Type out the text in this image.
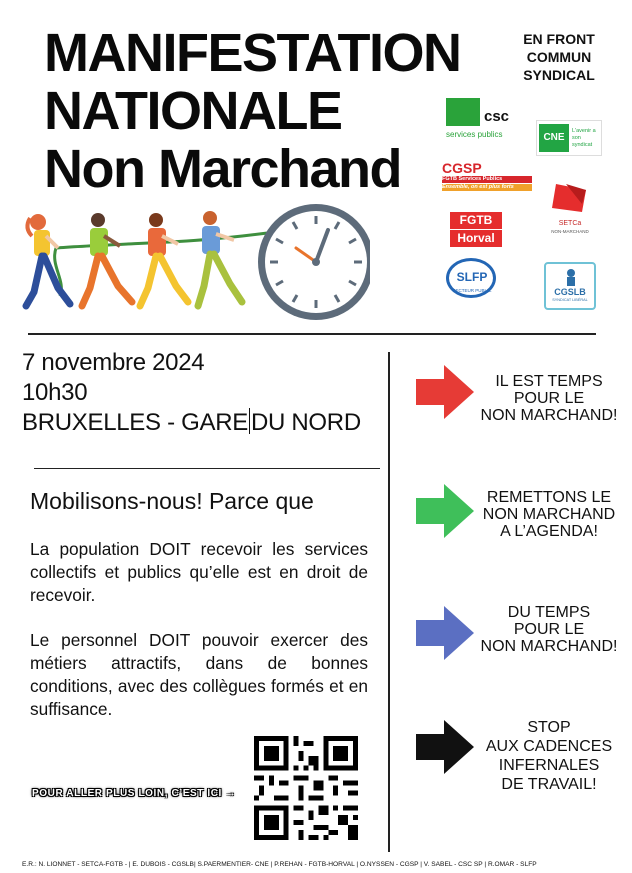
MANIFESTATION
NATIONALE
Non Marchand
EN FRONT
COMMUN
SYNDICAL
csc
services publics	CNE
L'avenir a son syndicat
CGSP
FGTB Services Publics
Ensemble, on est plus forts
SETCa
NON-MARCHAND
FGTB
Horval
SLFP
SECTEUR PUBLIC	CGSLB
SYNDICAT LIBÉRAL
7 novembre 2024
10h30
BRUXELLES - GARE DU NORD
Mobilisons-nous! Parce que
La population DOIT recevoir les services collectifs et publics qu’elle est en droit de recevoir.
Le personnel DOIT pouvoir exercer des métiers attractifs, dans de bonnes conditions, avec des collègues formés et en suffisance.
POUR ALLER PLUS LOIN, C’EST ICI →
IL EST TEMPS
POUR LE
NON MARCHAND!
REMETTONS LE
NON MARCHAND
A L’AGENDA!
DU TEMPS
POUR LE
NON MARCHAND!
STOP
AUX CADENCES
INFERNALES
DE TRAVAIL!
E.R.: N. LIONNET - SETCA-FGTB - | E. DUBOIS - CGSLB| S.PAERMENTIER- CNE | P.REHAN - FGTB-HORVAL | O.NYSSEN - CGSP | V. SABEL - CSC SP | R.OMAR - SLFP
